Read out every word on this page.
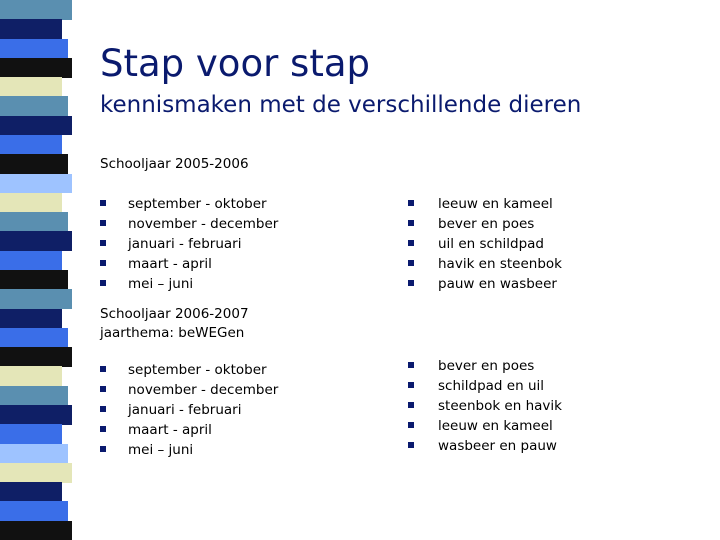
Stap voor stap
kennismaken met de verschillende dieren
Schooljaar 2005-2006
september - oktober
november - december
januari - februari
maart - april
mei – juni
leeuw en kameel
bever en poes
uil en schildpad
havik en steenbok
pauw en wasbeer
Schooljaar 2006-2007
jaarthema: beWEGen
september - oktober
november - december
januari - februari
maart - april
mei – juni
bever en poes
schildpad en uil
steenbok en havik
leeuw en kameel
wasbeer en pauw
